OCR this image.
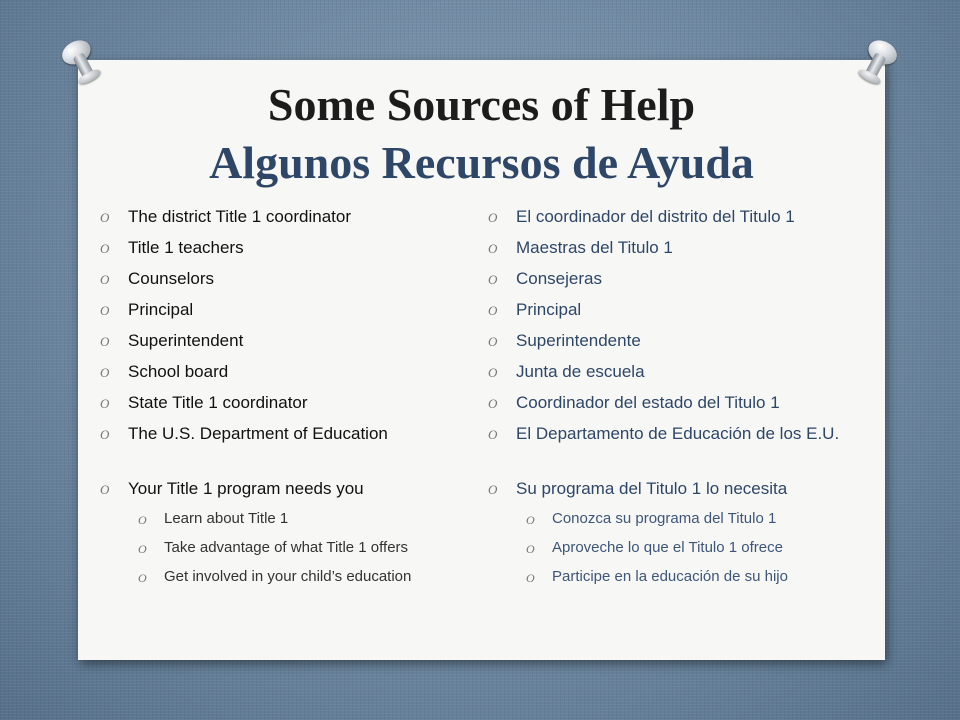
Some Sources of Help
Algunos Recursos de Ayuda
O The district Title 1 coordinator
O Title 1 teachers
O Counselors
O Principal
O Superintendent
O School board
O State Title 1 coordinator
O The U.S. Department of Education
O Your Title 1 program needs you
O Learn about Title 1
O Take advantage of what Title 1 offers
O Get involved in your child’s education
O El coordinador del distrito del Titulo 1
O Maestras del Titulo 1
O Consejeras
O Principal
O Superintendente
O Junta de escuela
O Coordinador del estado del Titulo 1
O El Departamento de Educación de los E.U.
O Su programa del Titulo 1 lo necesita
O Conozca su programa del Titulo 1
O Aproveche lo que el Titulo 1 ofrece
O Participe en la educación de su hijo
